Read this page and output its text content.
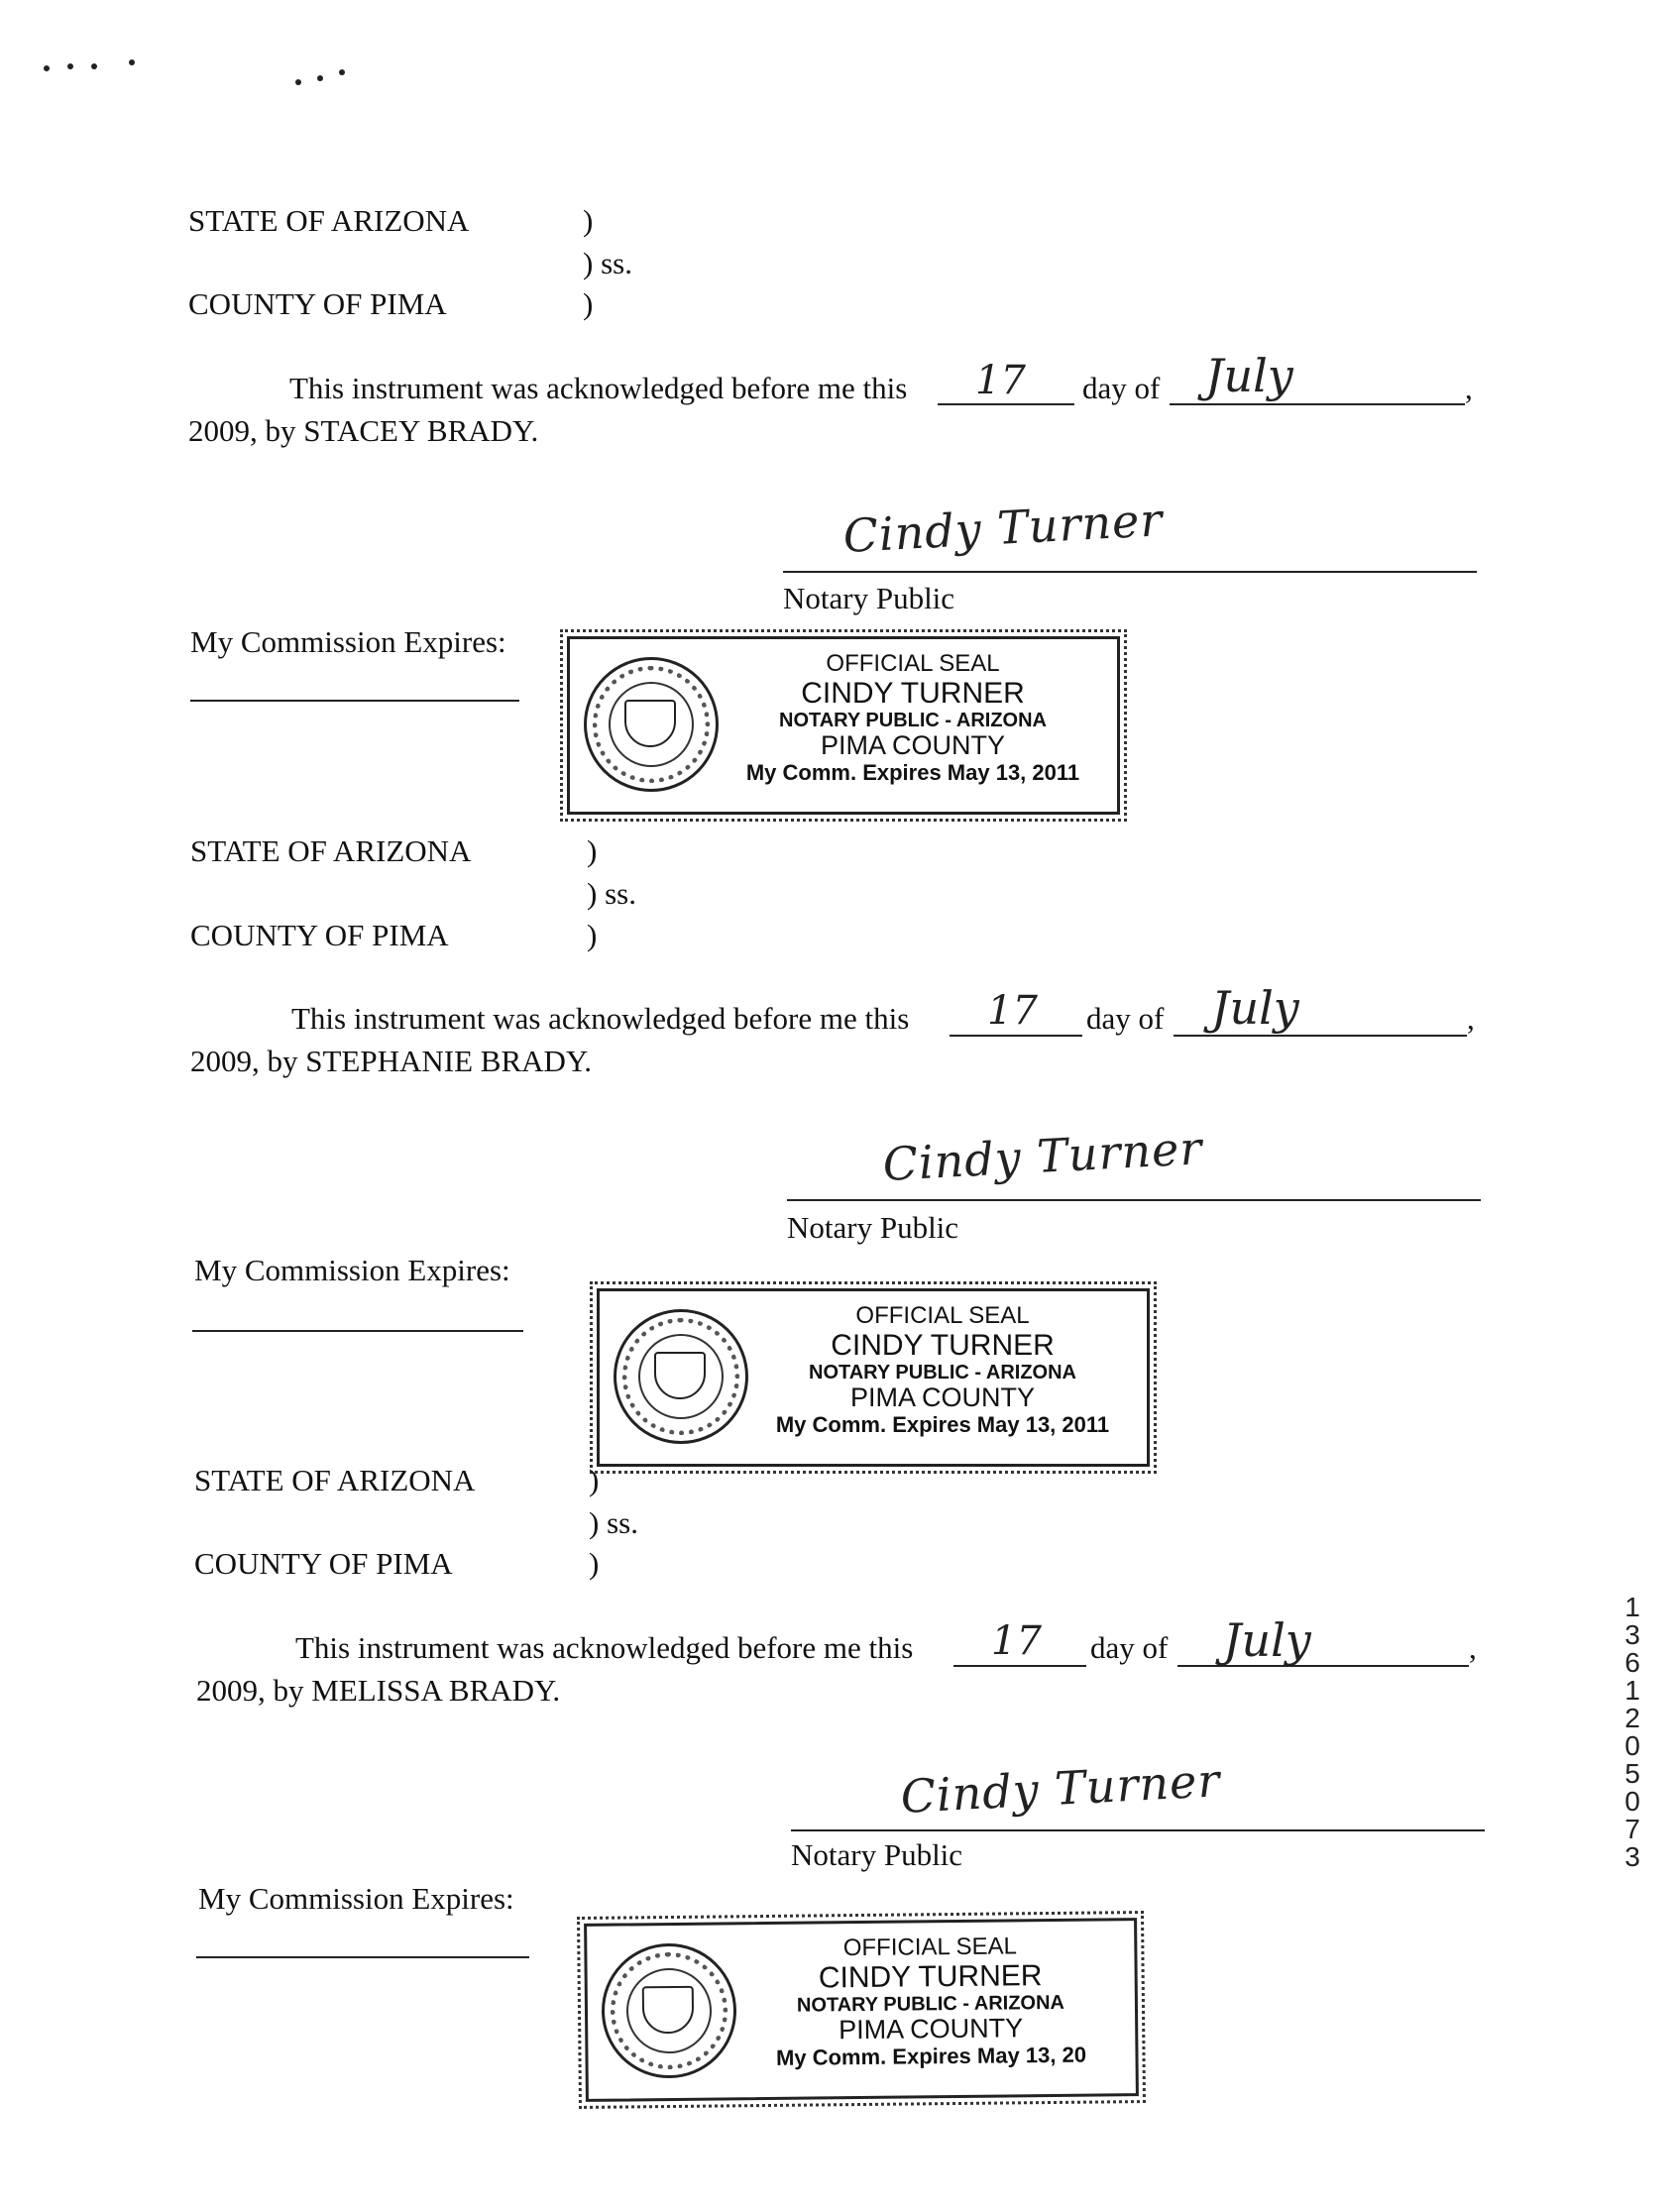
STATE OF ARIZONA	)
) ss.
COUNTY OF PIMA	)
This instrument was acknowledged before me this 17 day of July	,
2009, by STACEY BRADY.
Cindy Turner
Notary Public
My Commission Expires:
OFFICIAL SEAL
CINDY TURNER
NOTARY PUBLIC - ARIZONA
PIMA COUNTY
My Comm. Expires May 13, 2011
STATE OF ARIZONA	)
) ss.
COUNTY OF PIMA	)
This instrument was acknowledged before me this 17 day of July	,
2009, by STEPHANIE BRADY.
Cindy Turner
Notary Public
My Commission Expires:
OFFICIAL SEAL
CINDY TURNER
NOTARY PUBLIC - ARIZONA
PIMA COUNTY
My Comm. Expires May 13, 2011
STATE OF ARIZONA	)
) ss.
COUNTY OF PIMA	)
This instrument was acknowledged before me this 17 day of July	,
2009, by MELISSA BRADY.
Cindy Turner
Notary Public
My Commission Expires:
OFFICIAL SEAL
CINDY TURNER
NOTARY PUBLIC - ARIZONA
PIMA COUNTY
My Comm. Expires May 13, 20
13612 05073
